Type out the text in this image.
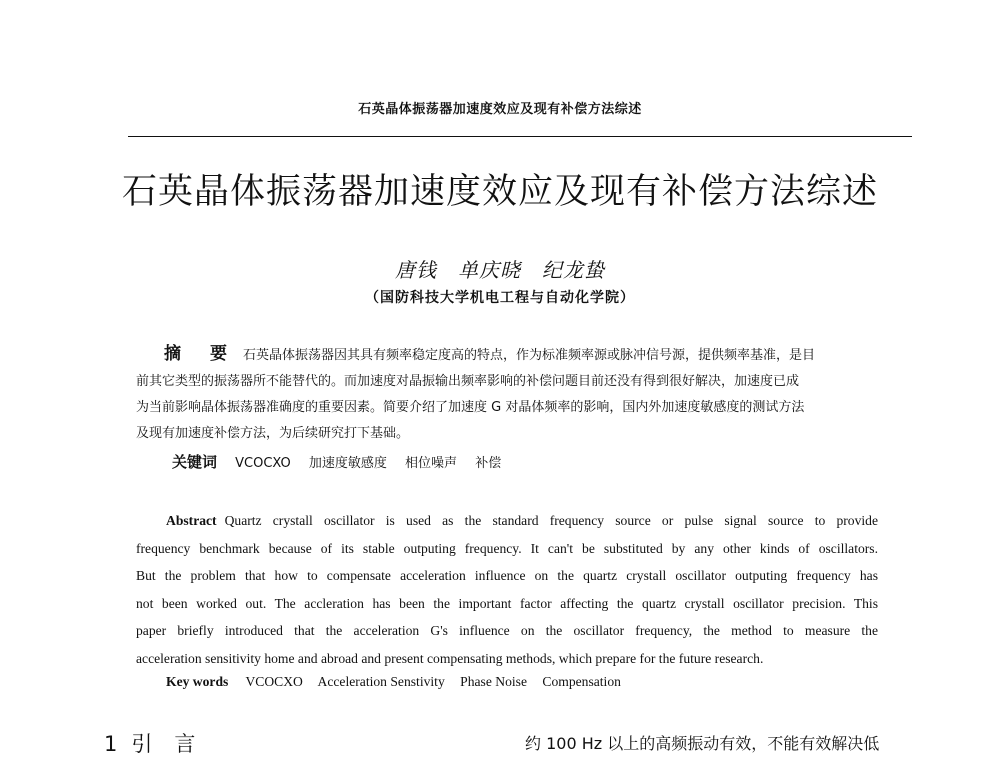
石英晶体振荡器加速度效应及现有补偿方法综述
石英晶体振荡器加速度效应及现有补偿方法综述
唐钱　单庆晓　纪龙蛰
（国防科技大学机电工程与自动化学院）
摘　要 石英晶体振荡器因其具有频率稳定度高的特点，作为标准频率源或脉冲信号源，提供频率基准，是目
前其它类型的振荡器所不能替代的。而加速度对晶振输出频率影响的补偿问题目前还没有得到很好解决，加速度已成
为当前影响晶体振荡器准确度的重要因素。简要介绍了加速度 G 对晶体频率的影响，国内外加速度敏感度的测试方法
及现有加速度补偿方法，为后续研究打下基础。
关键词 VCOCXO 加速度敏感度 相位噪声 补偿
Abstract Quartz crystall oscillator is used as the standard frequency source or pulse signal source to provide
frequency benchmark because of its stable outputing frequency. It can't be substituted by any other kinds of oscillators.
But the problem that how to compensate acceleration influence on the quartz crystall oscillator outputing frequency has
not been worked out. The accleration has been the important factor affecting the quartz crystall oscillator precision. This
paper briefly introduced that the acceleration G's influence on the oscillator frequency, the method to measure the
acceleration sensitivity home and abroad and present compensating methods, which prepare for the future research.
Key words VCOCXO Acceleration Senstivity Phase Noise Compensation
1 引言	约 100 Hz 以上的高频振动有效，不能有效解决低
